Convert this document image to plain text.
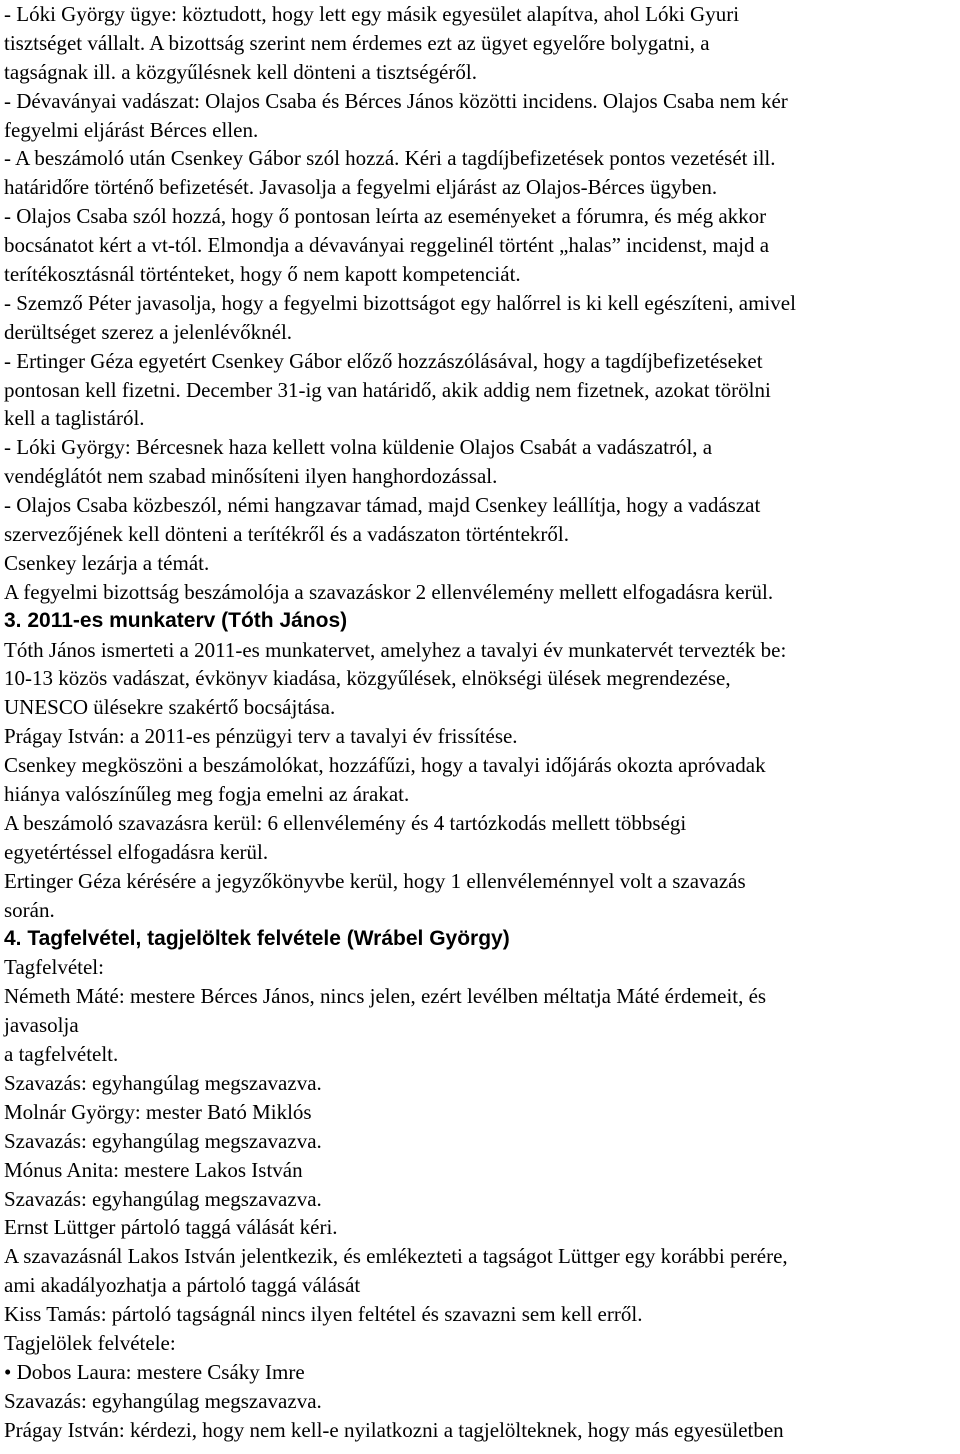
- Lóki György ügye: köztudott, hogy lett egy másik egyesület alapítva, ahol Lóki Gyuri
tisztséget vállalt. A bizottság szerint nem érdemes ezt az ügyet egyelőre bolygatni, a
tagságnak ill. a közgyűlésnek kell dönteni a tisztségéről.
- Dévaványai vadászat: Olajos Csaba és Bérces János közötti incidens. Olajos Csaba nem kér
fegyelmi eljárást Bérces ellen.
- A beszámoló után Csenkey Gábor szól hozzá. Kéri a tagdíjbefizetések pontos vezetését ill.
határidőre történő befizetését. Javasolja a fegyelmi eljárást az Olajos-Bérces ügyben.
- Olajos Csaba szól hozzá, hogy ő pontosan leírta az eseményeket a fórumra, és még akkor
bocsánatot kért a vt-tól. Elmondja a dévaványai reggelinél történt „halas” incidenst, majd a
terítékosztásnál történteket, hogy ő nem kapott kompetenciát.
- Szemző Péter javasolja, hogy a fegyelmi bizottságot egy halőrrel is ki kell egészíteni, amivel
derültséget szerez a jelenlévőknél.
- Ertinger Géza egyetért Csenkey Gábor előző hozzászólásával, hogy a tagdíjbefizetéseket
pontosan kell fizetni. December 31-ig van határidő, akik addig nem fizetnek, azokat törölni
kell a taglistáról.
- Lóki György: Bércesnek haza kellett volna küldenie Olajos Csabát a vadászatról, a
vendéglátót nem szabad minősíteni ilyen hanghordozással.
- Olajos Csaba közbeszól, némi hangzavar támad, majd Csenkey leállítja, hogy a vadászat
szervezőjének kell dönteni a terítékről és a vadászaton történtekről.
Csenkey lezárja a témát.
A fegyelmi bizottság beszámolója a szavazáskor 2 ellenvélemény mellett elfogadásra kerül.
3. 2011-es munkaterv (Tóth János)
Tóth János ismerteti a 2011-es munkatervet, amelyhez a tavalyi év munkatervét tervezték be:
10-13 közös vadászat, évkönyv kiadása, közgyűlések, elnökségi ülések megrendezése,
UNESCO ülésekre szakértő bocsájtása.
Prágay István: a 2011-es pénzügyi terv a tavalyi év frissítése.
Csenkey megköszöni a beszámolókat, hozzáfűzi, hogy a tavalyi időjárás okozta apróvadak
hiánya valószínűleg meg fogja emelni az árakat.
A beszámoló szavazásra kerül: 6 ellenvélemény és 4 tartózkodás mellett többségi
egyetértéssel elfogadásra kerül.
Ertinger Géza kérésére a jegyzőkönyvbe kerül, hogy 1 ellenvéleménnyel volt a szavazás
során.
4. Tagfelvétel, tagjelöltek felvétele (Wrábel György)
Tagfelvétel:
Németh Máté: mestere Bérces János, nincs jelen, ezért levélben méltatja Máté érdemeit, és
javasolja
a tagfelvételt.
Szavazás: egyhangúlag megszavazva.
Molnár György: mester Bató Miklós
Szavazás: egyhangúlag megszavazva.
Mónus Anita: mestere Lakos István
Szavazás: egyhangúlag megszavazva.
Ernst Lüttger pártoló taggá válását kéri.
A szavazásnál Lakos István jelentkezik, és emlékezteti a tagságot Lüttger egy korábbi perére,
ami akadályozhatja a pártoló taggá válását
Kiss Tamás: pártoló tagságnál nincs ilyen feltétel és szavazni sem kell erről.
Tagjelölek felvétele:
• Dobos Laura: mestere Csáky Imre
Szavazás: egyhangúlag megszavazva.
Prágay István: kérdezi, hogy nem kell-e nyilatkozni a tagjelölteknek, hogy más egyesületben
